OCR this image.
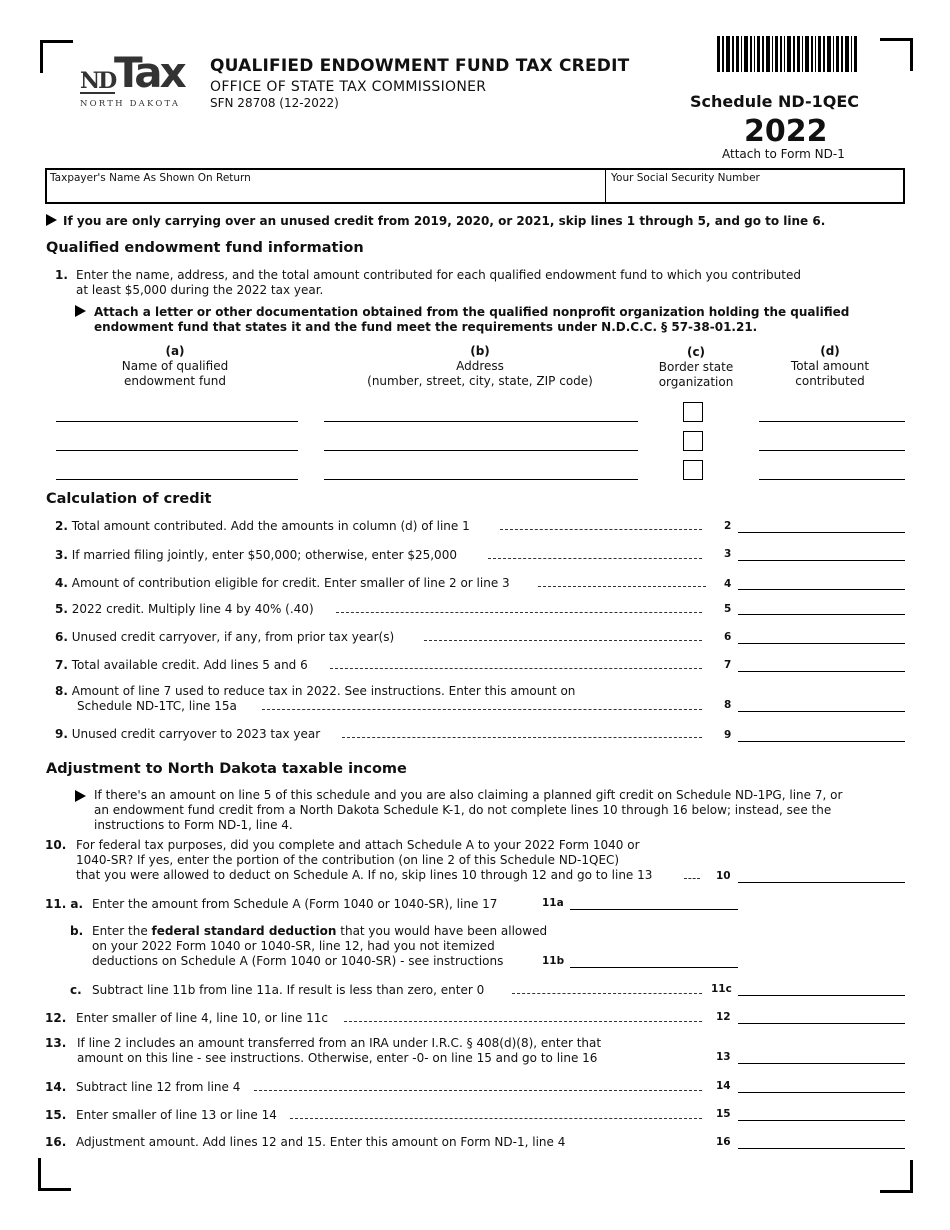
ND
Tax
NORTH DAKOTA
QUALIFIED ENDOWMENT FUND TAX CREDIT
OFFICE OF STATE TAX COMMISSIONER
SFN 28708 (12-2022)	Schedule ND-1QEC
2022
Attach to Form ND-1
Taxpayer's Name As Shown On Return	Your Social Security Number
If you are only carrying over an unused credit from 2019, 2020, or 2021, skip lines 1 through 5, and go to line 6.
Qualified endowment fund information
1. Enter the name, address, and the total amount contributed for each qualified endowment fund to which you contributed
at least $5,000 during the 2022 tax year.
Attach a letter or other documentation obtained from the qualified nonprofit organization holding the qualified
endowment fund that states it and the fund meet the requirements under N.D.C.C. § 57-38-01.21.
(a)
Name of qualified
endowment fund
(b)
Address
(number, street, city, state, ZIP code)
(c)
Border state
organization
(d)
Total amount
contributed
Calculation of credit
2. Total amount contributed. Add the amounts in column (d) of line 1	2
3. If married filing jointly, enter $50,000; otherwise, enter $25,000	3
4. Amount of contribution eligible for credit. Enter smaller of line 2 or line 3	4
5. 2022 credit. Multiply line 4 by 40% (.40)	5
6. Unused credit carryover, if any, from prior tax year(s)	6
7. Total available credit. Add lines 5 and 6	7
8. Amount of line 7 used to reduce tax in 2022. See instructions. Enter this amount on
Schedule ND-1TC, line 15a	8
9. Unused credit carryover to 2023 tax year	9
Adjustment to North Dakota taxable income
If there's an amount on line 5 of this schedule and you are also claiming a planned gift credit on Schedule ND-1PG, line 7, or
an endowment fund credit from a North Dakota Schedule K-1, do not complete lines 10 through 16 below; instead, see the
instructions to Form ND-1, line 4.
10. For federal tax purposes, did you complete and attach Schedule A to your 2022 Form 1040 or
1040-SR? If yes, enter the portion of the contribution (on line 2 of this Schedule ND-1QEC)
that you were allowed to deduct on Schedule A. If no, skip lines 10 through 12 and go to line 13	10
11. a. Enter the amount from Schedule A (Form 1040 or 1040-SR), line 17	11a
b. Enter the federal standard deduction that you would have been allowed
on your 2022 Form 1040 or 1040-SR, line 12, had you not itemized
deductions on Schedule A (Form 1040 or 1040-SR) - see instructions	11b
c. Subtract line 11b from line 11a. If result is less than zero, enter 0	11c
12. Enter smaller of line 4, line 10, or line 11c	12
13. If line 2 includes an amount transferred from an IRA under I.R.C. § 408(d)(8), enter that
amount on this line - see instructions. Otherwise, enter -0- on line 15 and go to line 16	13
14. Subtract line 12 from line 4	14
15. Enter smaller of line 13 or line 14	15
16. Adjustment amount. Add lines 12 and 15. Enter this amount on Form ND-1, line 4	16
